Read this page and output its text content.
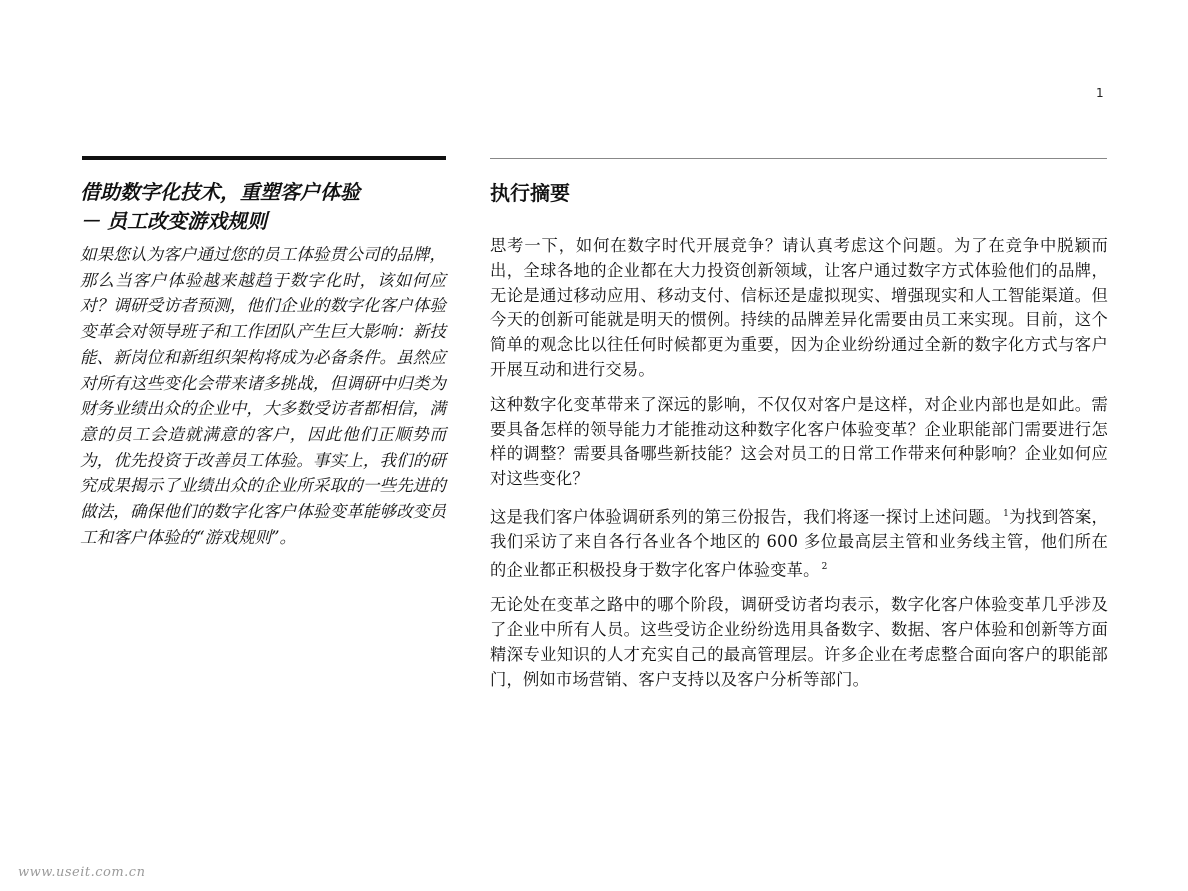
1
借助数字化技术，重塑客户体验
－ 员工改变游戏规则

如果您认为客户通过您的员工体验贯公司的品牌，那么当客户体验越来越趋于数字化时，该如何应对？调研受访者预测，他们企业的数字化客户体验变革会对领导班子和工作团队产生巨大影响：新技能、新岗位和新组织架构将成为必备条件。虽然应对所有这些变化会带来诸多挑战，但调研中归类为财务业绩出众的企业中，大多数受访者都相信，满意的员工会造就满意的客户，因此他们正顺势而为，优先投资于改善员工体验。事实上，我们的研究成果揭示了业绩出众的企业所采取的一些先进的做法，确保他们的数字化客户体验变革能够改变员工和客户体验的“游戏规则”。

执行摘要

思考一下，如何在数字时代开展竞争？请认真考虑这个问题。为了在竞争中脱颖而出，全球各地的企业都在大力投资创新领域，让客户通过数字方式体验他们的品牌，无论是通过移动应用、移动支付、信标还是虚拟现实、增强现实和人工智能渠道。但今天的创新可能就是明天的惯例。持续的品牌差异化需要由员工来实现。目前，这个简单的观念比以往任何时候都更为重要，因为企业纷纷通过全新的数字化方式与客户开展互动和进行交易。

这种数字化变革带来了深远的影响，不仅仅对客户是这样，对企业内部也是如此。需要具备怎样的领导能力才能推动这种数字化客户体验变革？企业职能部门需要进行怎样的调整？需要具备哪些新技能？这会对员工的日常工作带来何种影响？企业如何应对这些变化？

这是我们客户体验调研系列的第三份报告，我们将逐一探讨上述问题。 $^1$为找到答案，我们采访了来自各行各业各个地区的 600 多位最高层主管和业务线主管，他们所在的企业都正积极投身于数字化客户体验变革。 $^2$

无论处在变革之路中的哪个阶段，调研受访者均表示，数字化客户体验变革几乎涉及了企业中所有人员。这些受访企业纷纷选用具备数字、数据、客户体验和创新等方面精深专业知识的人才充实自己的最高管理层。许多企业在考虑整合面向客户的职能部门，例如市场营销、客户支持以及客户分析等部门。

www.useit.com.cn
